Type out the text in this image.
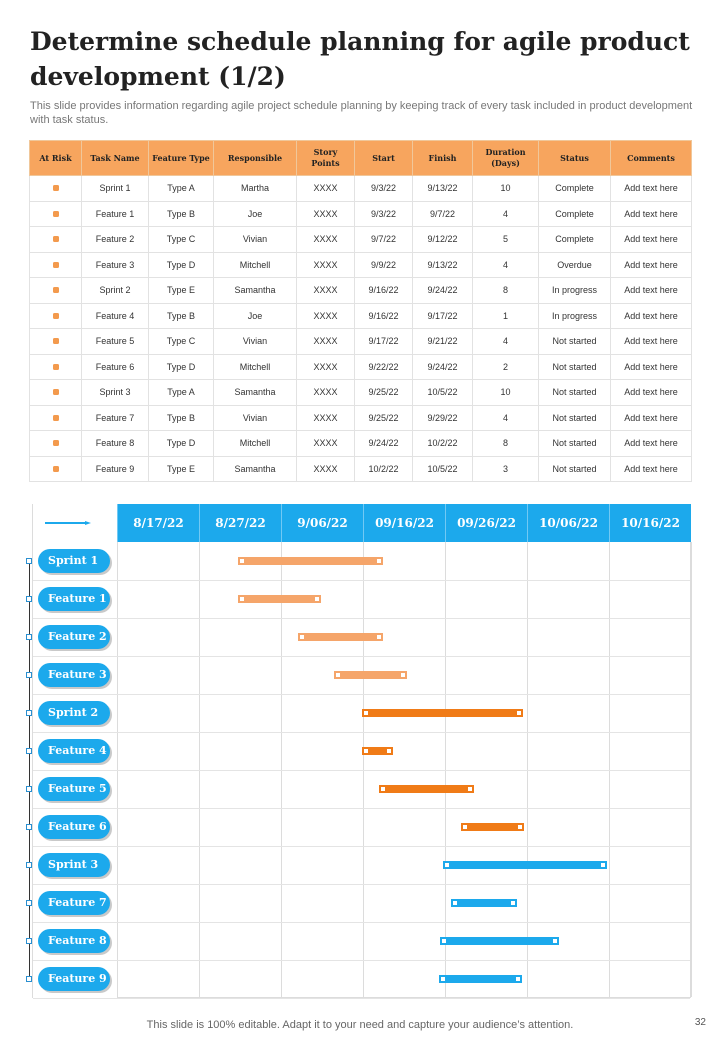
Determine schedule planning for agile product development (1/2)

This slide provides information regarding agile project schedule planning by keeping track of every task included in product development with task status.

At Risk	Task Name	Feature Type	Responsible	Story Points	Start	Finish	Duration (Days)	Status	Comments
	Sprint 1	Type A	Martha	XXXX	9/3/22	9/13/22	10	Complete	Add text here
	Feature 1	Type B	Joe	XXXX	9/3/22	9/7/22	4	Complete	Add text here
	Feature 2	Type C	Vivian	XXXX	9/7/22	9/12/22	5	Complete	Add text here
	Feature 3	Type D	Mitchell	XXXX	9/9/22	9/13/22	4	Overdue	Add text here
	Sprint 2	Type E	Samantha	XXXX	9/16/22	9/24/22	8	In progress	Add text here
	Feature 4	Type B	Joe	XXXX	9/16/22	9/17/22	1	In progress	Add text here
	Feature 5	Type C	Vivian	XXXX	9/17/22	9/21/22	4	Not started	Add text here
	Feature 6	Type D	Mitchell	XXXX	9/22/22	9/24/22	2	Not started	Add text here
	Sprint 3	Type A	Samantha	XXXX	9/25/22	10/5/22	10	Not started	Add text here
	Feature 7	Type B	Vivian	XXXX	9/25/22	9/29/22	4	Not started	Add text here
	Feature 8	Type D	Mitchell	XXXX	9/24/22	10/2/22	8	Not started	Add text here
	Feature 9	Type E	Samantha	XXXX	10/2/22	10/5/22	3	Not started	Add text here
8/17/22	8/27/22	9/06/22	09/16/22	09/26/22	10/06/22	10/16/22
Sprint 1
Feature 1
Feature 2
Feature 3
Sprint 2
Feature 4
Feature 5
Feature 6
Sprint 3
Feature 7
Feature 8
Feature 9
This slide is 100% editable. Adapt it to your need and capture your audience’s attention.	32
